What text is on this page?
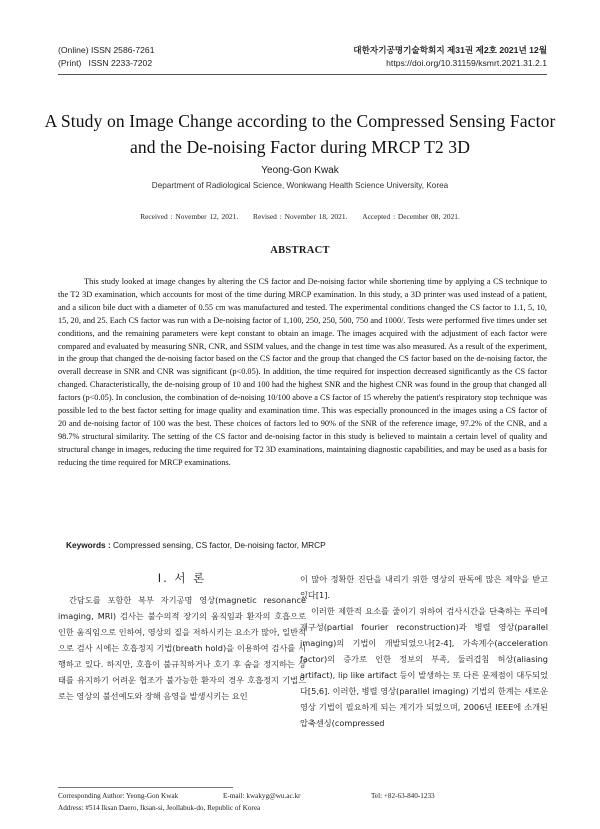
(Online) ISSN 2586-7261
(Print)   ISSN 2233-7202
대한자기공명기술학회지 제31권 제2호 2021년 12월
https://doi.org/10.31159/ksmrt.2021.31.2.1
A Study on Image Change according to the Compressed Sensing Factor and the De-noising Factor during MRCP T2 3D
Yeong-Gon Kwak
Department of Radiological Science, Wonkwang Health Science University, Korea
Received : November 12, 2021. Revised : November 18, 2021. Accepted : December 08, 2021.
ABSTRACT
This study looked at image changes by altering the CS factor and De-noising factor while shortening time by applying a CS technique to the T2 3D examination, which accounts for most of the time during MRCP examination. In this study, a 3D printer was used instead of a patient, and a silicon bile duct with a diameter of 0.55 cm was manufactured and tested. The experimental conditions changed the CS factor to 1.1, 5, 10, 15, 20, and 25. Each CS factor was run with a De-noising factor of 1,100, 250, 250, 500, 750 and 1000/. Tests were performed five times under set conditions, and the remaining parameters were kept constant to obtain an image. The images acquired with the adjustment of each factor were compared and evaluated by measuring SNR, CNR, and SSIM values, and the change in test time was also measured. As a result of the experiment, in the group that changed the de-noising factor based on the CS factor and the group that changed the CS factor based on the de-noising factor, the overall decrease in SNR and CNR was significant (p<0.05). In addition, the time required for inspection decreased significantly as the CS factor changed. Characteristically, the de-noising group of 10 and 100 had the highest SNR and the highest CNR was found in the group that changed all factors (p<0.05). In conclusion, the combination of de-noising 10/100 above a CS factor of 15 whereby the patient's respiratory stop technique was possible led to the best factor setting for image quality and examination time. This was especially pronounced in the images using a CS factor of 20 and de-noising factor of 100 was the best. These choices of factors led to 90% of the SNR of the reference image, 97.2% of the CNR, and a 98.7% structural similarity. The setting of the CS factor and de-noising factor in this study is believed to maintain a certain level of quality and structural change in images, reducing the time required for T2 3D examinations, maintaining diagnostic capabilities, and may be used as a basis for reducing the time required for MRCP examinations.
Keywords : Compressed sensing, CS factor, De-noising factor, MRCP
Ⅰ. 서 론
간담도를 포함한 복부 자기공명 영상(magnetic resonance imaging, MRI) 검사는 불수의적 장기의 움직임과 환자의 호흡으로 인한 움직임으로 인하여, 영상의 질을 저하시키는 요소가 많아, 일반적으로 검사 시에는 호흡정지 기법(breath hold)을 이용하여 검사를 시행하고 있다. 하지만, 호흡이 불규칙하거나 호기 후 숨을 정지하는 상태를 유지하기 어려운 협조가 불가능한 환자의 경우 호흡정지 기법으로는 영상의 불선예도와 장해 음영을 발생시키는 요인
이 많아 정확한 진단을 내리기 위한 영상의 판독에 많은 제약을 받고 있다[1].
이러한 제한적 요소를 줄이기 위하여 검사시간을 단축하는 푸리에 재구성(partial fourier reconstruction)과 병렬 영상(parallel imaging)의 기법이 개발되었으나[2-4], 가속계수(acceleration factor)의 증가로 인한 정보의 부족, 둘러겹침 허상(aliasing artifact), lip like artifact 등이 발생하는 또 다른 문제점이 대두되었다[5,6]. 이러한, 병렬 영상(parallel imaging) 기법의 한계는 새로운 영상 기법이 필요하게 되는 계기가 되었으며, 2006년 IEEE에 소개된 압축센싱(compressed
Corresponding Author: Yeong-Gon Kwak	E-mail: kwakyg@wu.ac.kr	Tel: +82-63-840-1233
Address: #514 Iksan Daero, Iksan-si, Jeollabuk-do, Republic of Korea
